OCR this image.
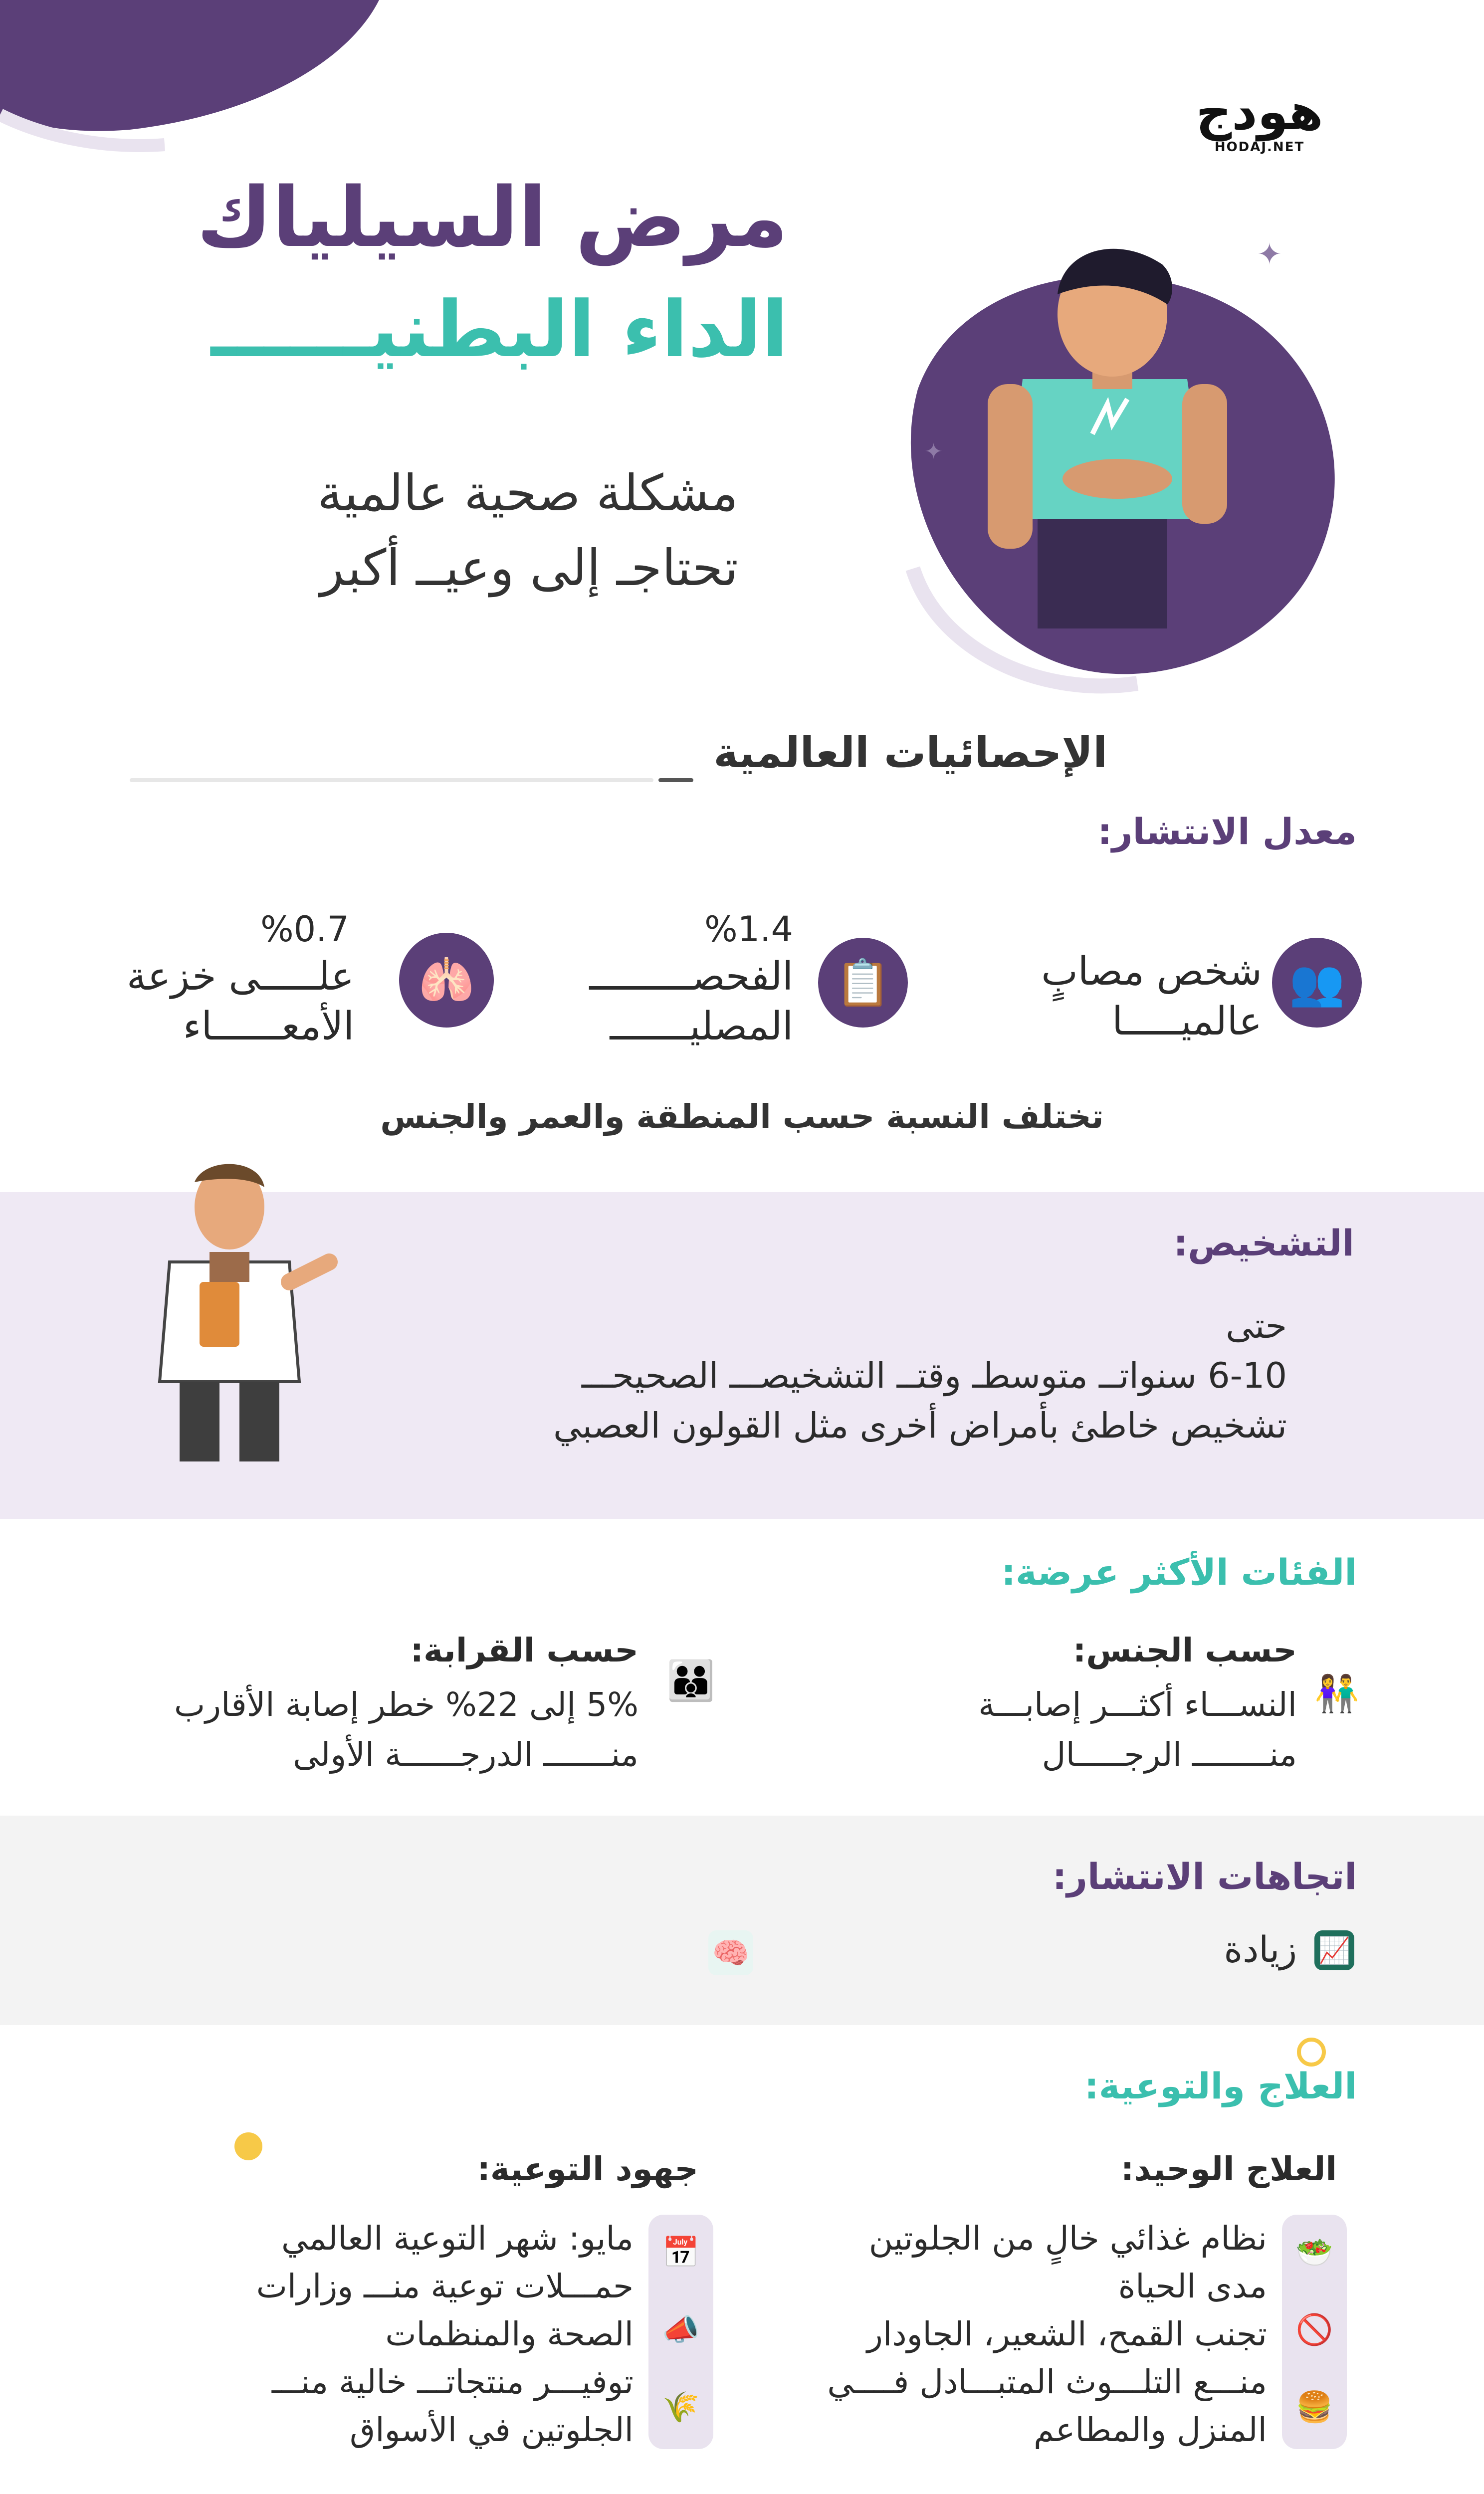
هودج
HODAJ.NET
مرض السيلياك
الداء البطنيــــــ
مشكلة صحية عالمية
تحتاجـ إلى وعيــ أكبر
✦
✦
الإحصائيات العالمية
معدل الانتشار:
👥
شخص مصابٍ
عالميـــــا
📋
%1.4
الفحصـــــــــ
المصليـــــــ
🫁
%0.7
علـــــى خزعة
الأمعــــــاء
تختلف النسبة حسب المنطقة والعمر والجنس
التشخيص:
حتى
6-10 سنواتــ متوسطـ وقتــ التشخيصـــ الصحيحـــ
تشخيص خاطئ بأمراض أخرى مثل القولون العصبي
الفئات الأكثر عرضة:
👫
حسب الجنس:
النســـاء أكثـــر إصابـــة
منــــــــ الرجـــــال
👪
حسب القرابة:
5% إلى 22% خطر إصابة الأقارب
منـــــــ الدرجــــــة الأولى
اتجاهات الانتشار:
📈
زيادة
🧠
العلاج والتوعية:
العلاج الوحيد:
🥗
🚫
🍔
نظام غذائي خالٍ من الجلوتين
مدى الحياة
تجنب القمح، الشعير، الجاودار
منـــع التلـــوث المتبـــادل فــــي
المنزل والمطاعم
جهود التوعية:
📅
📣
🌾
مايو: شهر التوعية العالمي
حمـــلات توعية منـــ وزارات
الصحة والمنظمات
توفيـــر منتجاتـــ خالية منـــ
الجلوتين في الأسواق
